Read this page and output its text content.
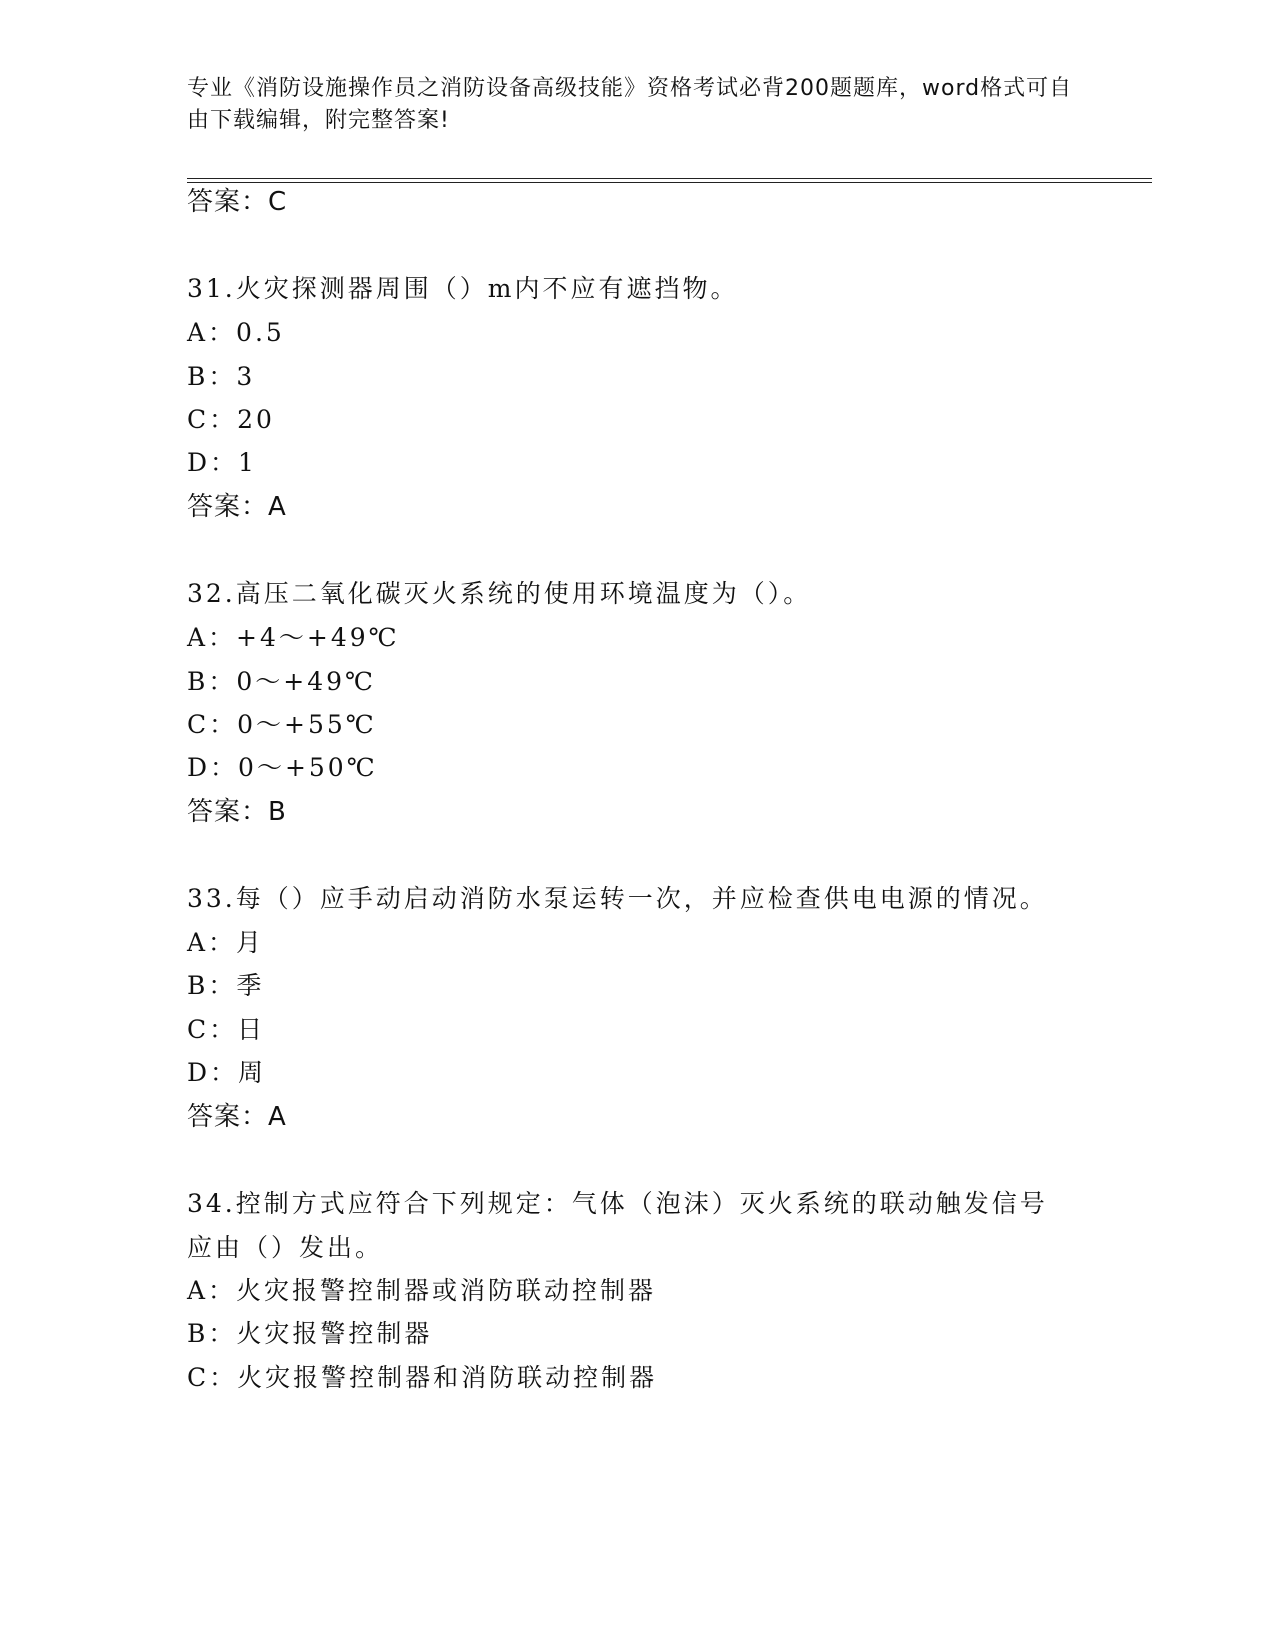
专业《消防设施操作员之消防设备高级技能》资格考试必背200题题库，word格式可自由下载编辑，附完整答案!
答案：C
31.火灾探测器周围（）m内不应有遮挡物。
A：0.5
B：3
C：20
D：1
答案：A
32.高压二氧化碳灭火系统的使用环境温度为（）。
A：+4～+49℃
B：0～+49℃
C：0～+55℃
D：0～+50℃
答案：B
33.每（）应手动启动消防水泵运转一次，并应检查供电电源的情况。
A：月
B：季
C：日
D：周
答案：A
34.控制方式应符合下列规定：气体（泡沫）灭火系统的联动触发信号
应由（）发出。
A：火灾报警控制器或消防联动控制器
B：火灾报警控制器
C：火灾报警控制器和消防联动控制器
